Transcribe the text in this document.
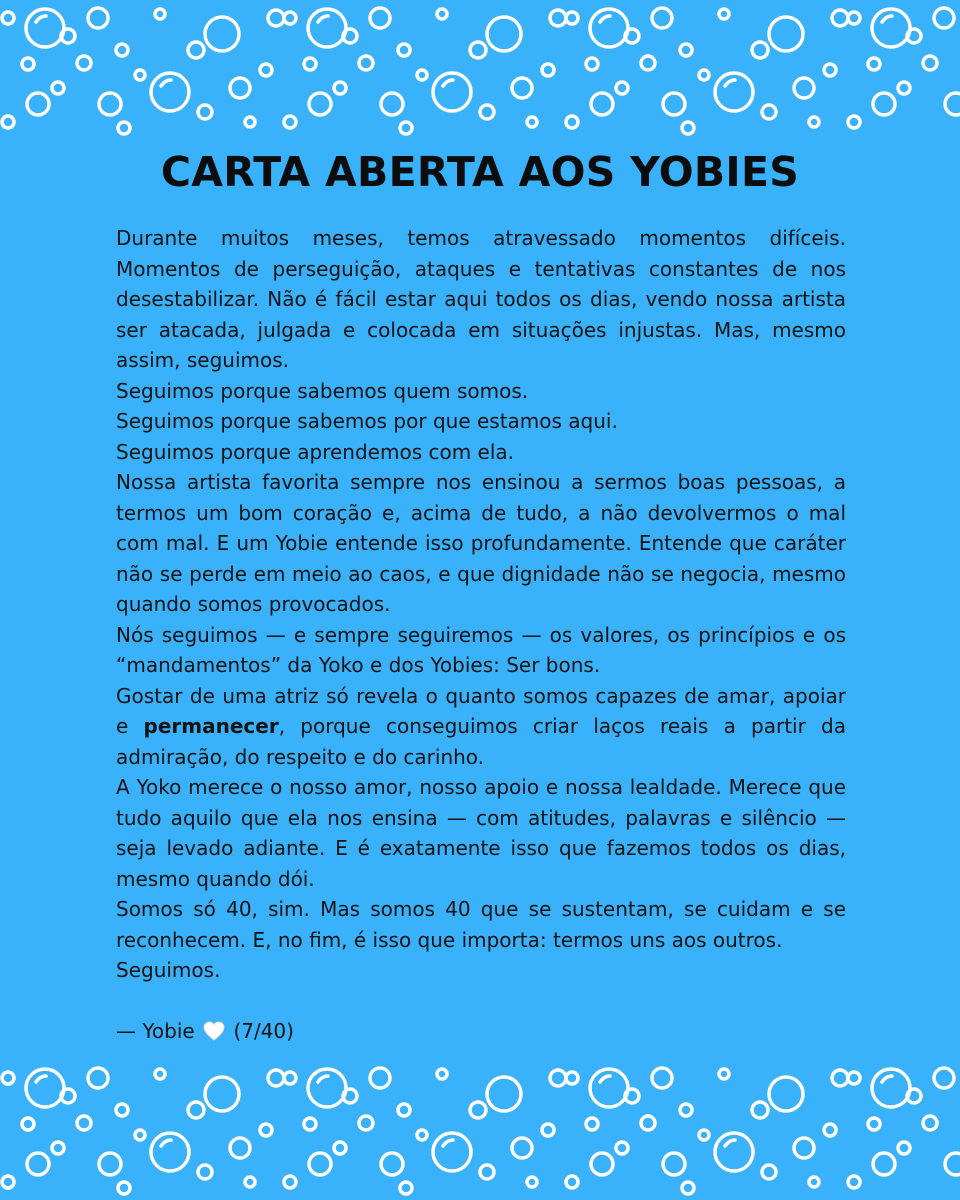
CARTA ABERTA AOS YOBIES

Durante muitos meses, temos atravessado momentos difíceis. Momentos de perseguição, ataques e tentativas constantes de nos desestabilizar. Não é fácil estar aqui todos os dias, vendo nossa artista ser atacada, julgada e colocada em situações injustas. Mas, mesmo assim, seguimos.

Seguimos porque sabemos quem somos.

Seguimos porque sabemos por que estamos aqui.

Seguimos porque aprendemos com ela.

Nossa artista favorita sempre nos ensinou a sermos boas pessoas, a termos um bom coração e, acima de tudo, a não devolvermos o mal com mal. E um Yobie entende isso profundamente. Entende que caráter não se perde em meio ao caos, e que dignidade não se negocia, mesmo quando somos provocados.

Nós seguimos — e sempre seguiremos — os valores, os princípios e os “mandamentos” da Yoko e dos Yobies: Ser bons.

Gostar de uma atriz só revela o quanto somos capazes de amar, apoiar e permanecer, porque conseguimos criar laços reais a partir da admiração, do respeito e do carinho.

A Yoko merece o nosso amor, nosso apoio e nossa lealdade. Merece que tudo aquilo que ela nos ensina — com atitudes, palavras e silêncio — seja levado adiante. E é exatamente isso que fazemos todos os dias, mesmo quando dói.

Somos só 40, sim. Mas somos 40 que se sustentam, se cuidam e se reconhecem. E, no fim, é isso que importa: termos uns aos outros.

Seguimos.

— Yobie (7/40)
